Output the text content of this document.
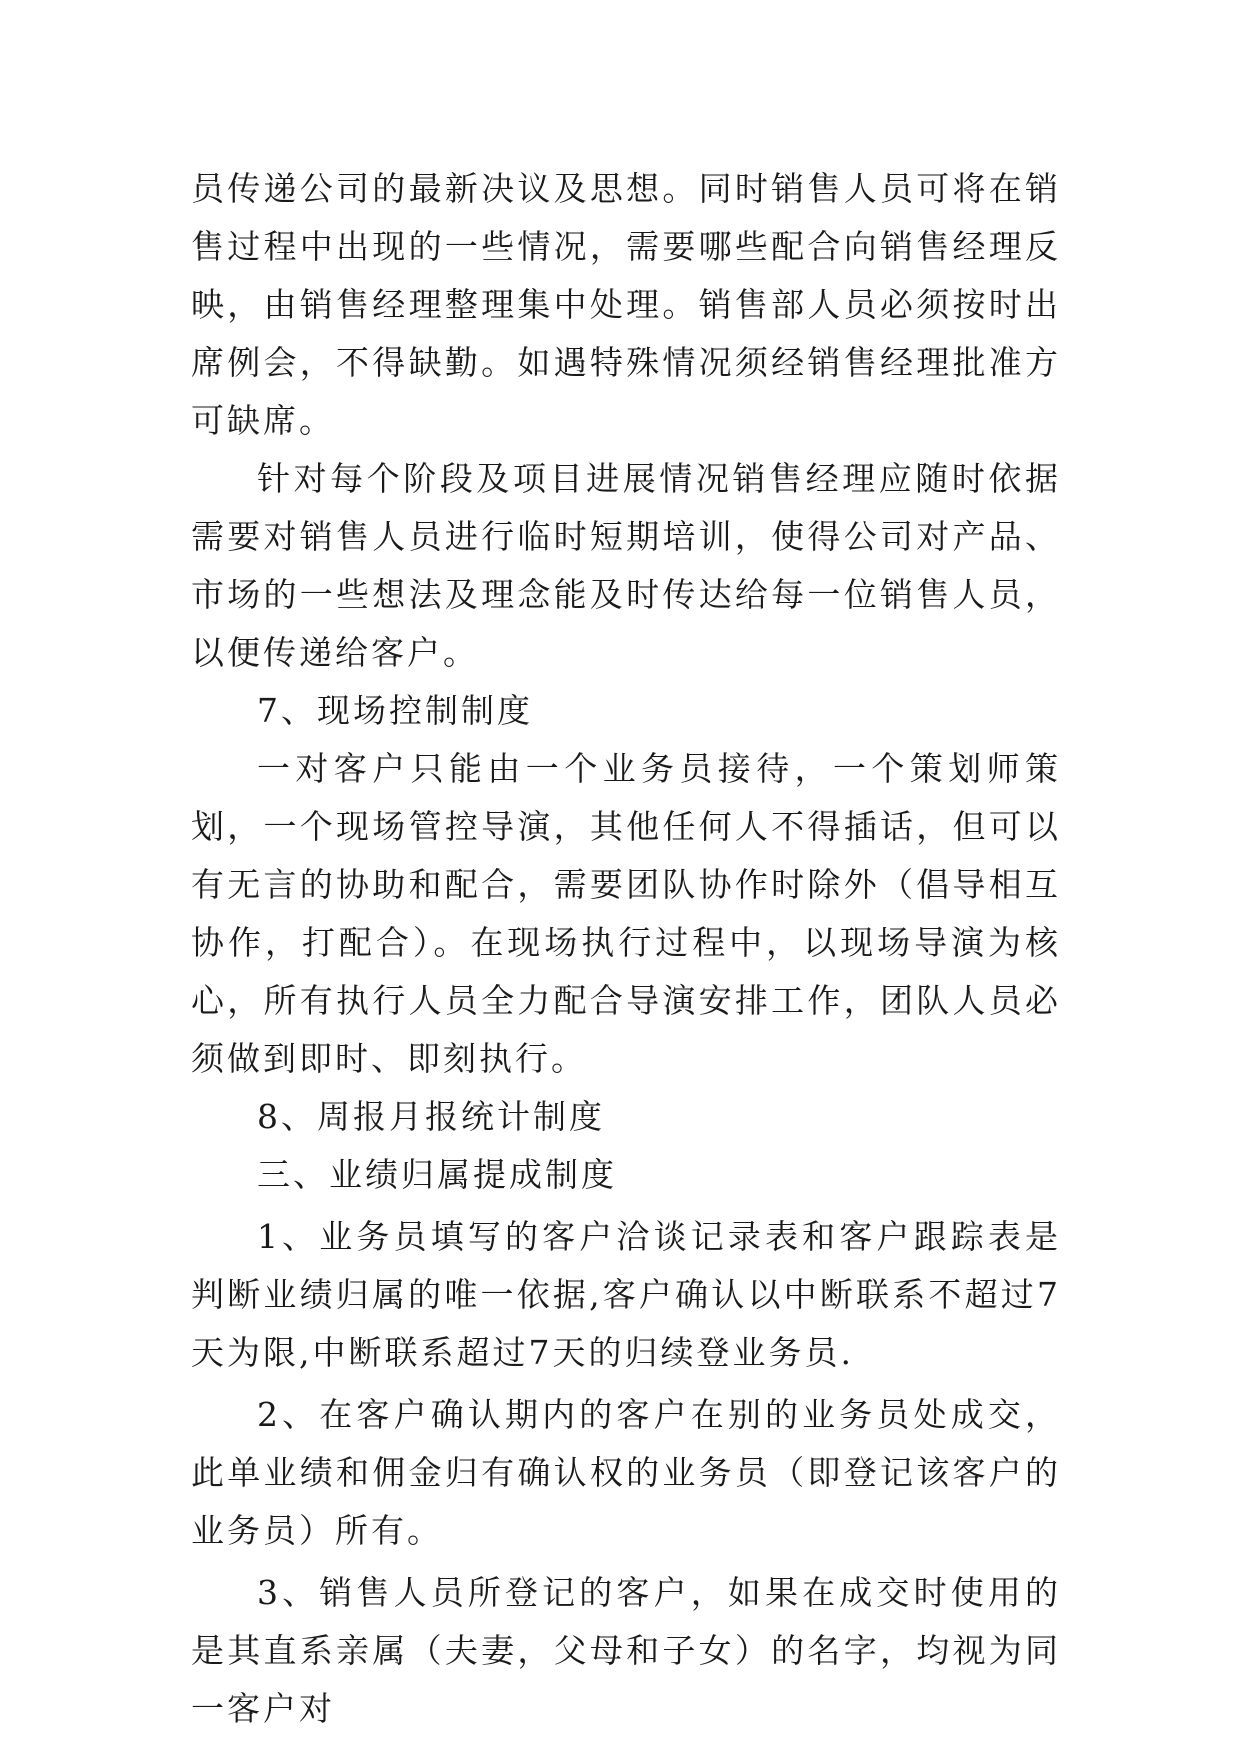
员传递公司的最新决议及思想。同时销售人员可将在销售过程中出现的一些情况，需要哪些配合向销售经理反映，由销售经理整理集中处理。销售部人员必须按时出席例会，不得缺勤。如遇特殊情况须经销售经理批准方可缺席。

针对每个阶段及项目进展情况销售经理应随时依据需要对销售人员进行临时短期培训，使得公司对产品、市场的一些想法及理念能及时传达给每一位销售人员，以便传递给客户。

7、现场控制制度

一对客户只能由一个业务员接待，一个策划师策划，一个现场管控导演，其他任何人不得插话，但可以有无言的协助和配合，需要团队协作时除外（倡导相互协作，打配合）。在现场执行过程中，以现场导演为核心，所有执行人员全力配合导演安排工作，团队人员必须做到即时、即刻执行。

8、周报月报统计制度

三、业绩归属提成制度

1、业务员填写的客户洽谈记录表和客户跟踪表是判断业绩归属的唯一依据,客户确认以中断联系不超过7天为限,中断联系超过7天的归续登业务员.

2、在客户确认期内的客户在别的业务员处成交，此单业绩和佣金归有确认权的业务员（即登记该客户的业务员）所有。

3、销售人员所登记的客户，如果在成交时使用的是其直系亲属（夫妻，父母和子女）的名字，均视为同一客户对
